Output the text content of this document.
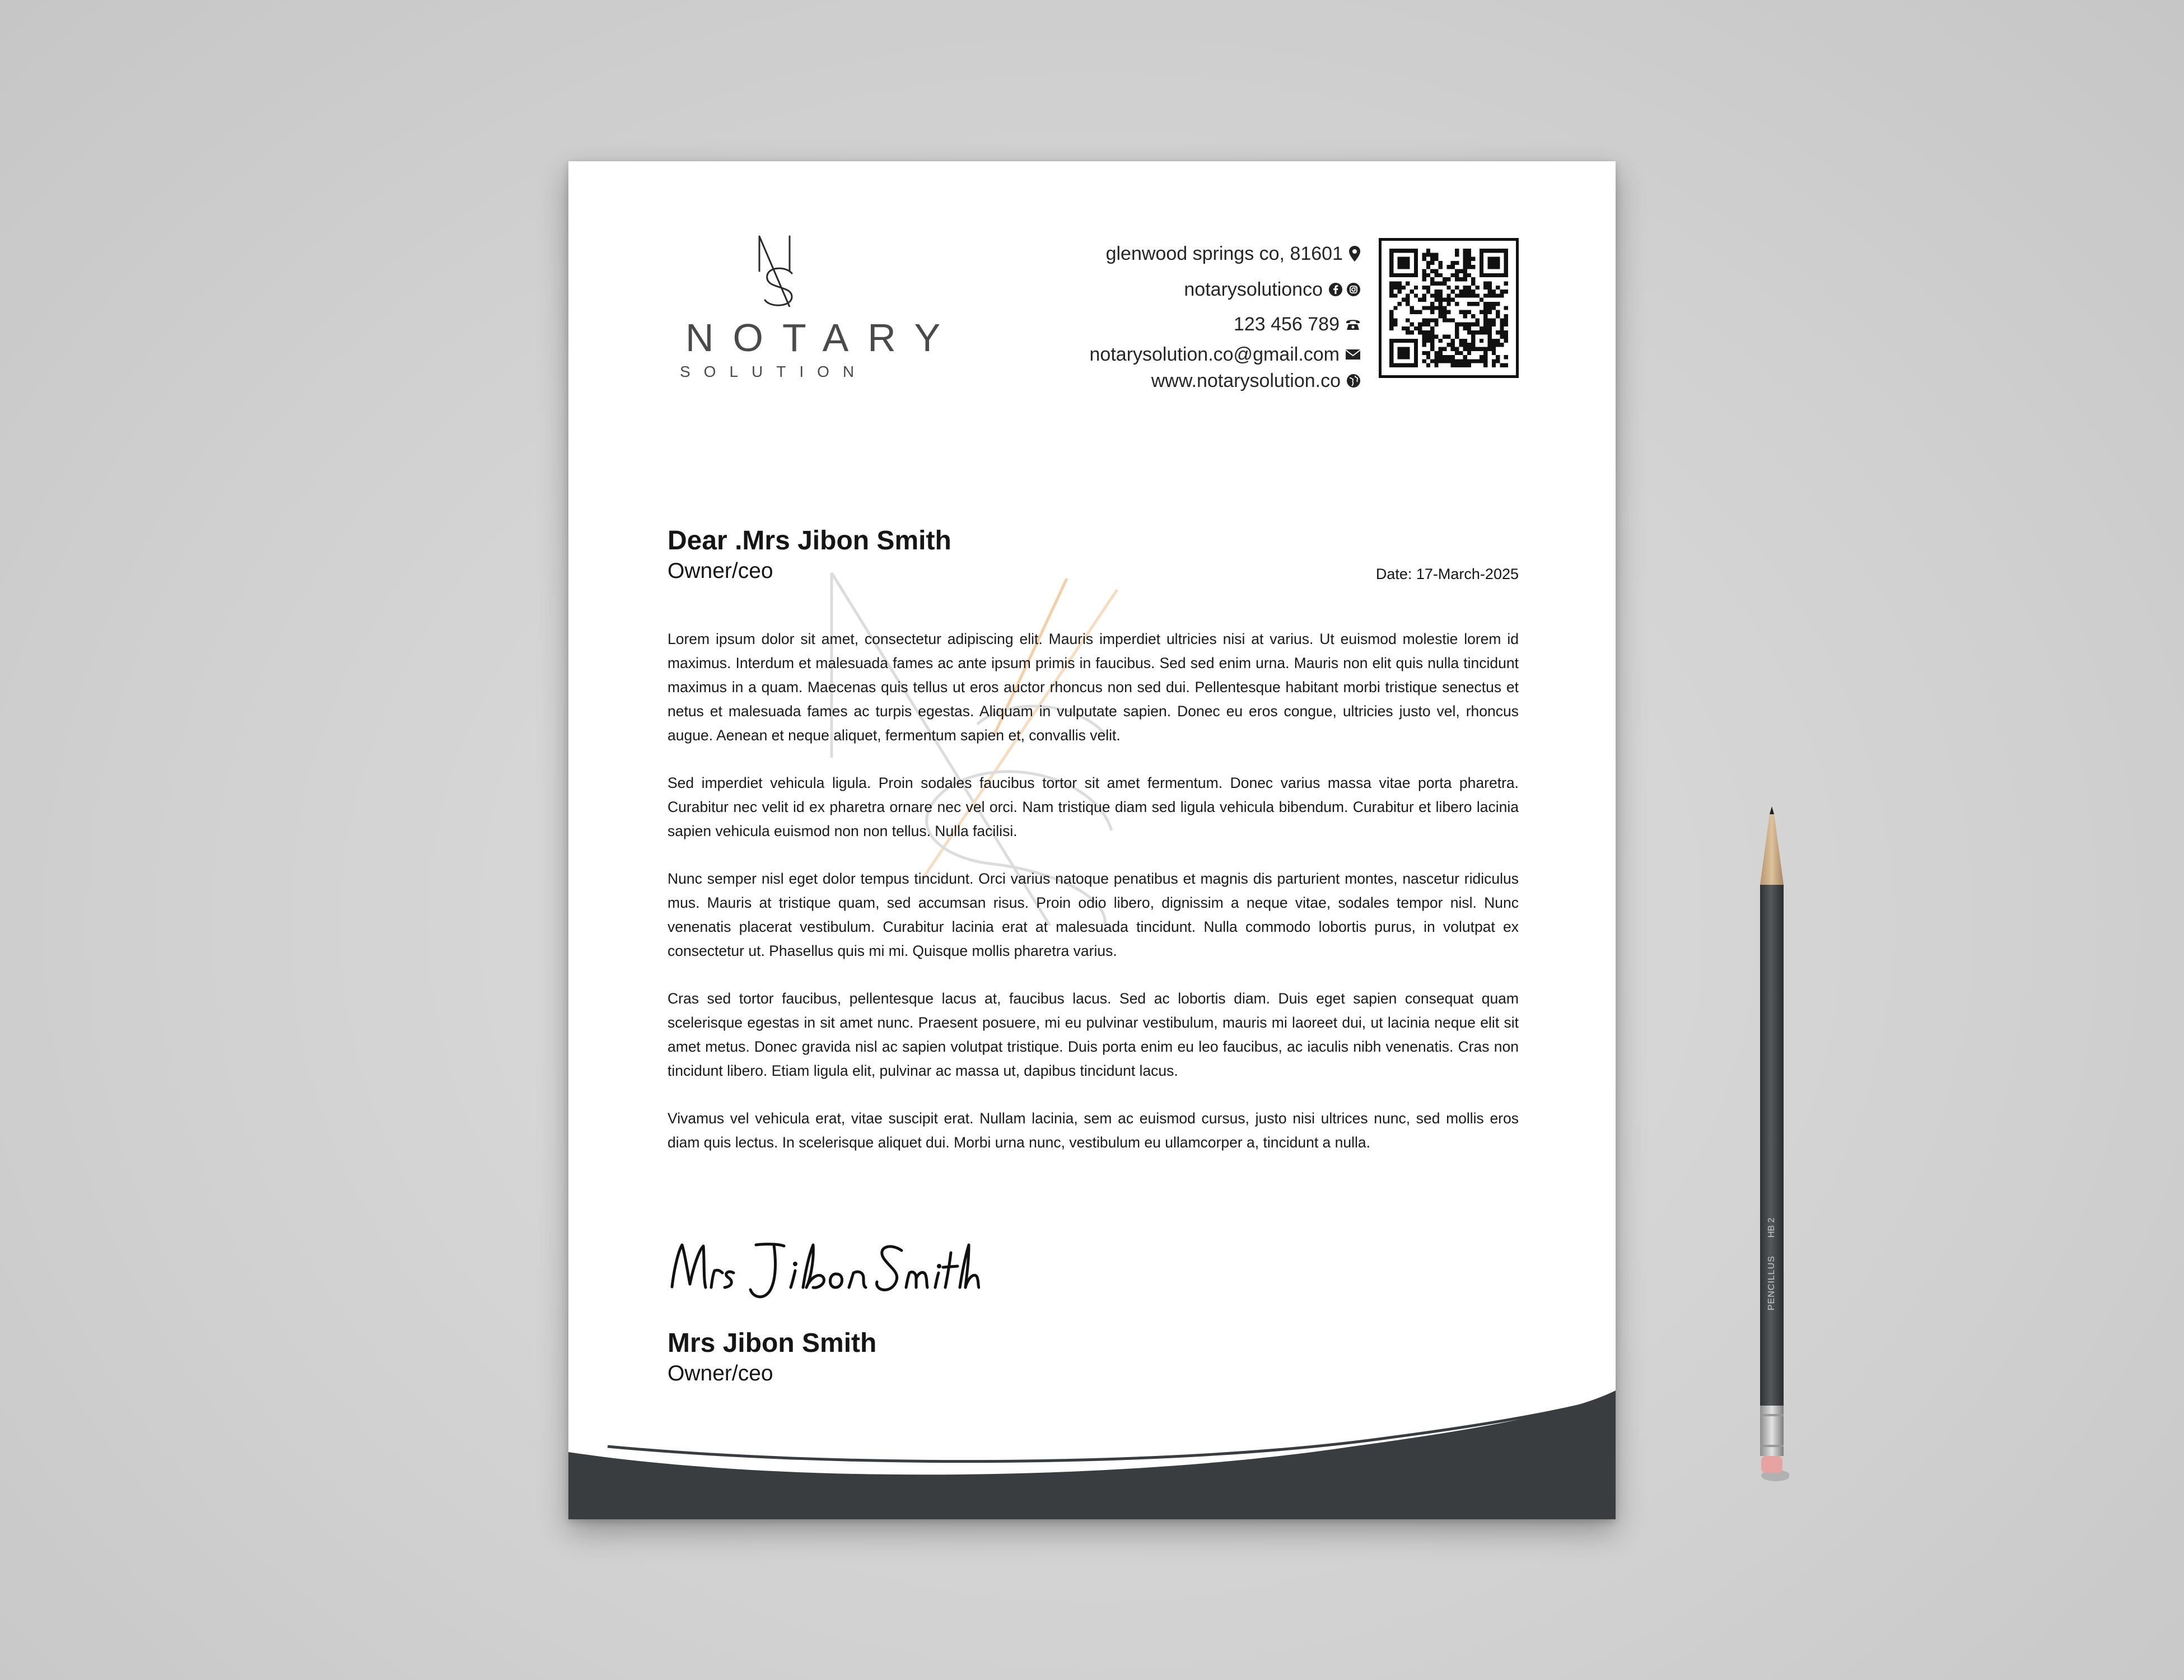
NOTARY
SOLUTION
glenwood springs co, 81601
notarysolutionco
123 456 789
notarysolution.co@gmail.com
www.notarysolution.co
Dear .Mrs Jibon Smith
Owner/ceo	Date: 17-March-2025

Lorem ipsum dolor sit amet, consectetur adipiscing elit. Mauris imperdiet ultricies nisi at varius. Ut euismod molestie lorem id maximus. Interdum et malesuada fames ac ante ipsum primis in faucibus. Sed sed enim urna. Mauris non elit quis nulla tincidunt maximus in a quam. Maecenas quis tellus ut eros auctor rhoncus non sed dui. Pellentesque habitant morbi tristique senectus et netus et malesuada fames ac turpis egestas. Aliquam in vulputate sapien. Donec eu eros congue, ultricies justo vel, rhoncus augue. Aenean et neque aliquet, fermentum sapien et, convallis velit.

Sed imperdiet vehicula ligula. Proin sodales faucibus tortor sit amet fermentum. Donec varius massa vitae porta pharetra. Curabitur nec velit id ex pharetra ornare nec vel orci. Nam tristique diam sed ligula vehicula bibendum. Curabitur et libero lacinia sapien vehicula euismod non non tellus. Nulla facilisi.

Nunc semper nisl eget dolor tempus tincidunt. Orci varius natoque penatibus et magnis dis parturient montes, nascetur ridiculus mus. Mauris at tristique quam, sed accumsan risus. Proin odio libero, dignissim a neque vitae, sodales tempor nisl. Nunc venenatis placerat vestibulum. Curabitur lacinia erat at malesuada tincidunt. Nulla commodo lobortis purus, in volutpat ex consectetur ut. Phasellus quis mi mi. Quisque mollis pharetra varius.

Cras sed tortor faucibus, pellentesque lacus at, faucibus lacus. Sed ac lobortis diam. Duis eget sapien consequat quam scelerisque egestas in sit amet nunc. Praesent posuere, mi eu pulvinar vestibulum, mauris mi laoreet dui, ut lacinia neque elit sit amet metus. Donec gravida nisl ac sapien volutpat tristique. Duis porta enim eu leo faucibus, ac iaculis nibh venenatis. Cras non tincidunt libero. Etiam ligula elit, pulvinar ac massa ut, dapibus tincidunt lacus.

Vivamus vel vehicula erat, vitae suscipit erat. Nullam lacinia, sem ac euismod cursus, justo nisi ultrices nunc, sed mollis eros diam quis lectus. In scelerisque aliquet dui. Morbi urna nunc, vestibulum eu ullamcorper a, tincidunt a nulla.

Mrs Jibon Smith
Owner/ceo
PENCILLUS
HB 2
